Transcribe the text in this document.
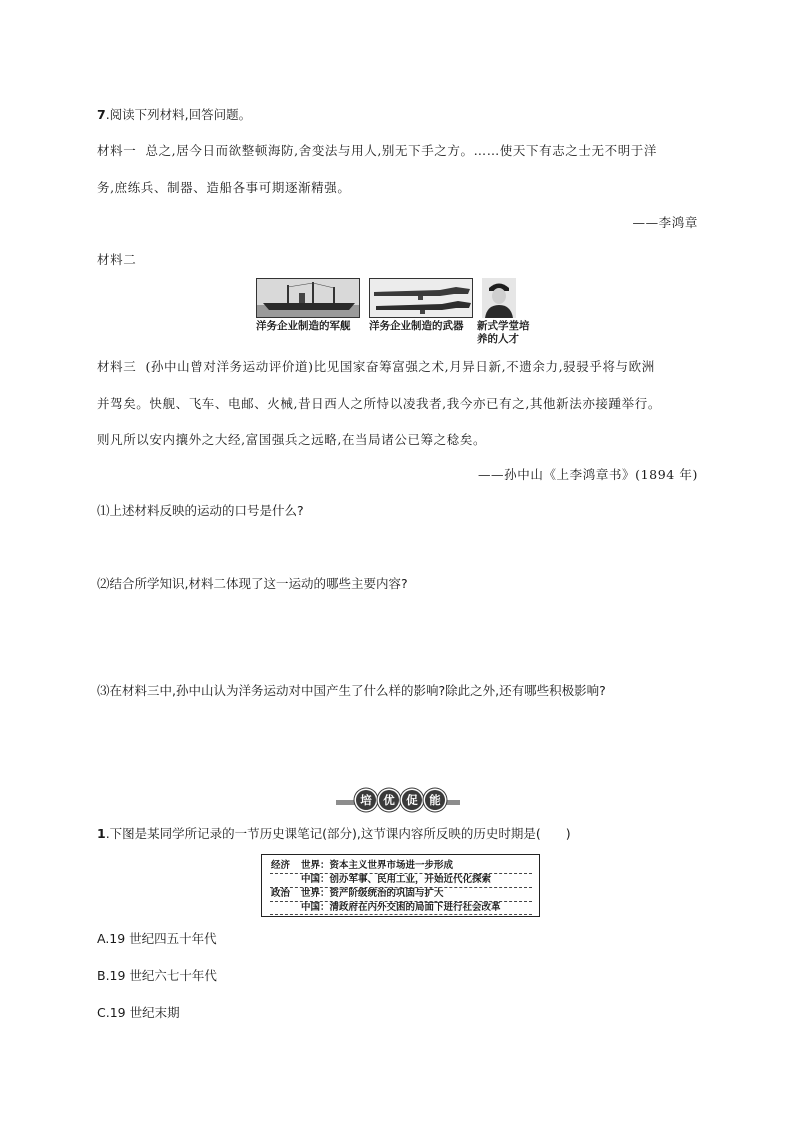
7.阅读下列材料,回答问题。
材料一 总之,居今日而欲整顿海防,舍变法与用人,别无下手之方。……使天下有志之士无不明于洋
务,庶练兵、制器、造船各事可期逐渐精强。
——李鸿章
材料二
洋务企业制造的军舰 洋务企业制造的武器 新式学堂培
养的人才
材料三 (孙中山曾对洋务运动评价道)比见国家奋筹富强之术,月异日新,不遗余力,骎骎乎将与欧洲
并驾矣。快舰、飞车、电邮、火械,昔日西人之所恃以凌我者,我今亦已有之,其他新法亦接踵举行。
则凡所以安内攘外之大经,富国强兵之远略,在当局诸公已筹之稔矣。
——孙中山《上李鸿章书》(1894 年)
⑴上述材料反映的运动的口号是什么?
⑵结合所学知识,材料二体现了这一运动的哪些主要内容?
⑶在材料三中,孙中山认为洋务运动对中国产生了什么样的影响?除此之外,还有哪些积极影响?
培	优	促	能
1.下图是某同学所记录的一节历史课笔记(部分),这节课内容所反映的历史时期是(　　)
经济 世界：资本主义世界市场进一步形成
中国：创办军事、民用工业，开始近代化探索
政治 世界：资产阶级统治的巩固与扩大
中国：清政府在内外交困的局面下进行社会改革
A.19 世纪四五十年代
B.19 世纪六七十年代
C.19 世纪末期
